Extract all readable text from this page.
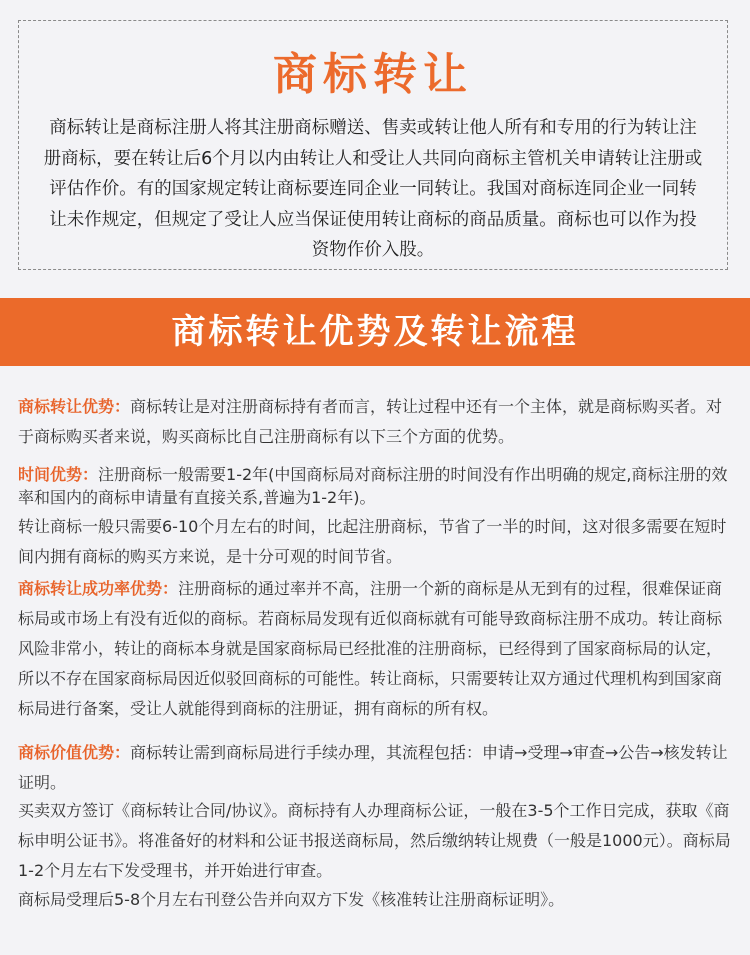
商标转让
商标转让是商标注册人将其注册商标赠送、售卖或转让他人所有和专用的行为转让注册商标，要在转让后6个月以内由转让人和受让人共同向商标主管机关申请转让注册或评估作价。有的国家规定转让商标要连同企业一同转让。我国对商标连同企业一同转让未作规定，但规定了受让人应当保证使用转让商标的商品质量。商标也可以作为投资物作价入股。
商标转让优势及转让流程
商标转让优势：商标转让是对注册商标持有者而言，转让过程中还有一个主体，就是商标购买者。对于商标购买者来说，购买商标比自己注册商标有以下三个方面的优势。
时间优势：注册商标一般需要1-2年(中国商标局对商标注册的时间没有作出明确的规定,商标注册的效率和国内的商标申请量有直接关系,普遍为1-2年)。
转让商标一般只需要6-10个月左右的时间，比起注册商标，节省了一半的时间，这对很多需要在短时间内拥有商标的购买方来说，是十分可观的时间节省。
商标转让成功率优势：注册商标的通过率并不高，注册一个新的商标是从无到有的过程，很难保证商标局或市场上有没有近似的商标。若商标局发现有近似商标就有可能导致商标注册不成功。转让商标风险非常小，转让的商标本身就是国家商标局已经批准的注册商标，已经得到了国家商标局的认定，所以不存在国家商标局因近似驳回商标的可能性。转让商标，只需要转让双方通过代理机构到国家商标局进行备案，受让人就能得到商标的注册证，拥有商标的所有权。
商标价值优势：商标转让需到商标局进行手续办理，其流程包括：申请→受理→审查→公告→核发转让证明。
买卖双方签订《商标转让合同/协议》。商标持有人办理商标公证，一般在3-5个工作日完成，获取《商标申明公证书》。将准备好的材料和公证书报送商标局，然后缴纳转让规费（一般是1000元）。商标局1-2个月左右下发受理书，并开始进行审查。
商标局受理后5-8个月左右刊登公告并向双方下发《核准转让注册商标证明》。
